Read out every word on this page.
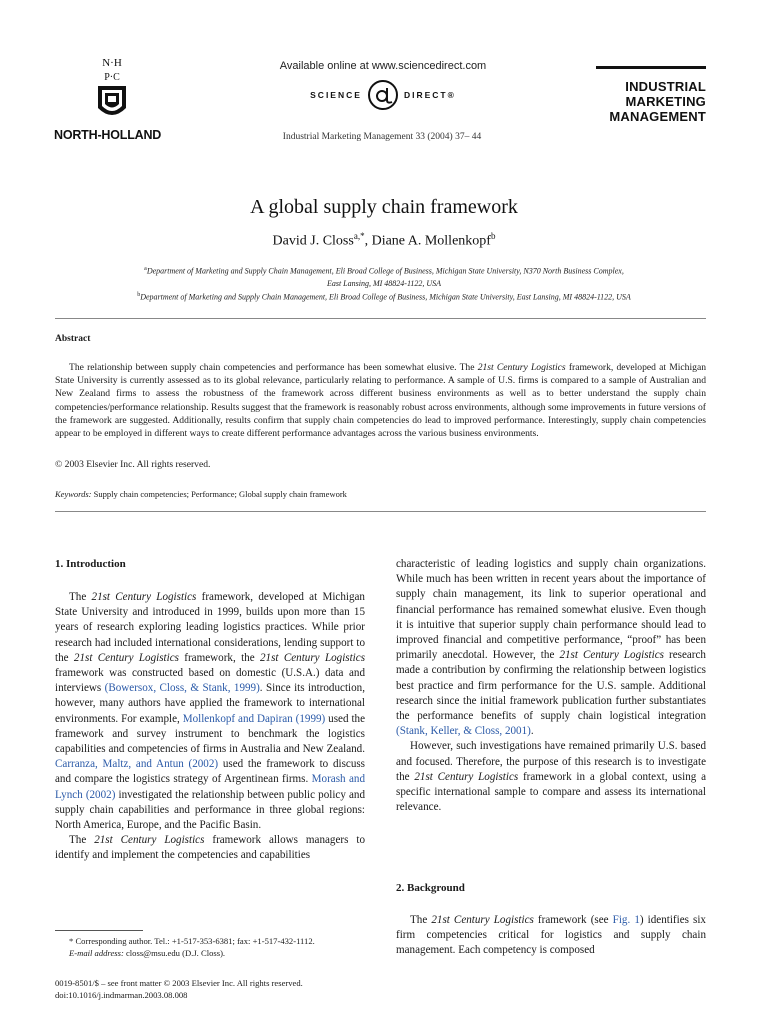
N·H
P·C
NORTH-HOLLAND
Available online at www.sciencedirect.com
SCIENCE	DIRECT®
Industrial Marketing Management 33 (2004) 37– 44
INDUSTRIAL
MARKETING
MANAGEMENT
A global supply chain framework
David J. Closs$^{a,*}$, Diane A. Mollenkopf$^b$
$^a$Department of Marketing and Supply Chain Management, Eli Broad College of Business, Michigan State University, N370 North Business Complex,
East Lansing, MI 48824-1122, USA
$^b$Department of Marketing and Supply Chain Management, Eli Broad College of Business, Michigan State University, East Lansing, MI 48824-1122, USA
Abstract
The relationship between supply chain competencies and performance has been somewhat elusive. The 21st Century Logistics framework, developed at Michigan State University is currently assessed as to its global relevance, particularly relating to performance. A sample of U.S. firms is compared to a sample of Australian and New Zealand firms to assess the robustness of the framework across different business environments as well as to better understand the supply chain competencies/performance relationship. Results suggest that the framework is reasonably robust across environments, although some improvements in future versions of the framework are suggested. Additionally, results confirm that supply chain competencies do lead to improved performance. Interestingly, supply chain competencies appear to be employed in different ways to create different performance advantages across the various business environments.
© 2003 Elsevier Inc. All rights reserved.
Keywords: Supply chain competencies; Performance; Global supply chain framework
1. Introduction

The 21st Century Logistics framework, developed at Michigan State University and introduced in 1999, builds upon more than 15 years of research exploring leading logistics practices. While prior research had included international considerations, lending support to the 21st Century Logistics framework, the 21st Century Logistics framework was constructed based on domestic (U.S.A.) data and interviews (Bowersox, Closs, & Stank, 1999). Since its introduction, however, many authors have applied the framework to international environments. For example, Mollenkopf and Dapiran (1999) used the framework and survey instrument to benchmark the logistics capabilities and competencies of firms in Australia and New Zealand. Carranza, Maltz, and Antun (2002) used the framework to discuss and compare the logistics strategy of Argentinean firms. Morash and Lynch (2002) investigated the relationship between public policy and supply chain capabilities and performance in three global regions: North America, Europe, and the Pacific Basin.

The 21st Century Logistics framework allows managers to identify and implement the competencies and capabilities

characteristic of leading logistics and supply chain organizations. While much has been written in recent years about the importance of supply chain management, its link to superior operational and financial performance has remained somewhat elusive. Even though it is intuitive that superior supply chain performance should lead to improved financial and competitive performance, “proof” has been primarily anecdotal. However, the 21st Century Logistics research made a contribution by confirming the relationship between logistics best practice and firm performance for the U.S. sample. Additional research since the initial framework publication further substantiates the performance benefits of supply chain logistical integration (Stank, Keller, & Closs, 2001).

However, such investigations have remained primarily U.S. based and focused. Therefore, the purpose of this research is to investigate the 21st Century Logistics framework in a global context, using a specific international sample to compare and assess its international relevance.

2. Background

The 21st Century Logistics framework (see Fig. 1) identifies six firm competencies critical for logistics and supply chain management. Each competency is composed

* Corresponding author. Tel.: +1-517-353-6381; fax: +1-517-432-1112.
E-mail address: closs@msu.edu (D.J. Closs).
0019-8501/$ – see front matter © 2003 Elsevier Inc. All rights reserved.
doi:10.1016/j.indmarman.2003.08.008
